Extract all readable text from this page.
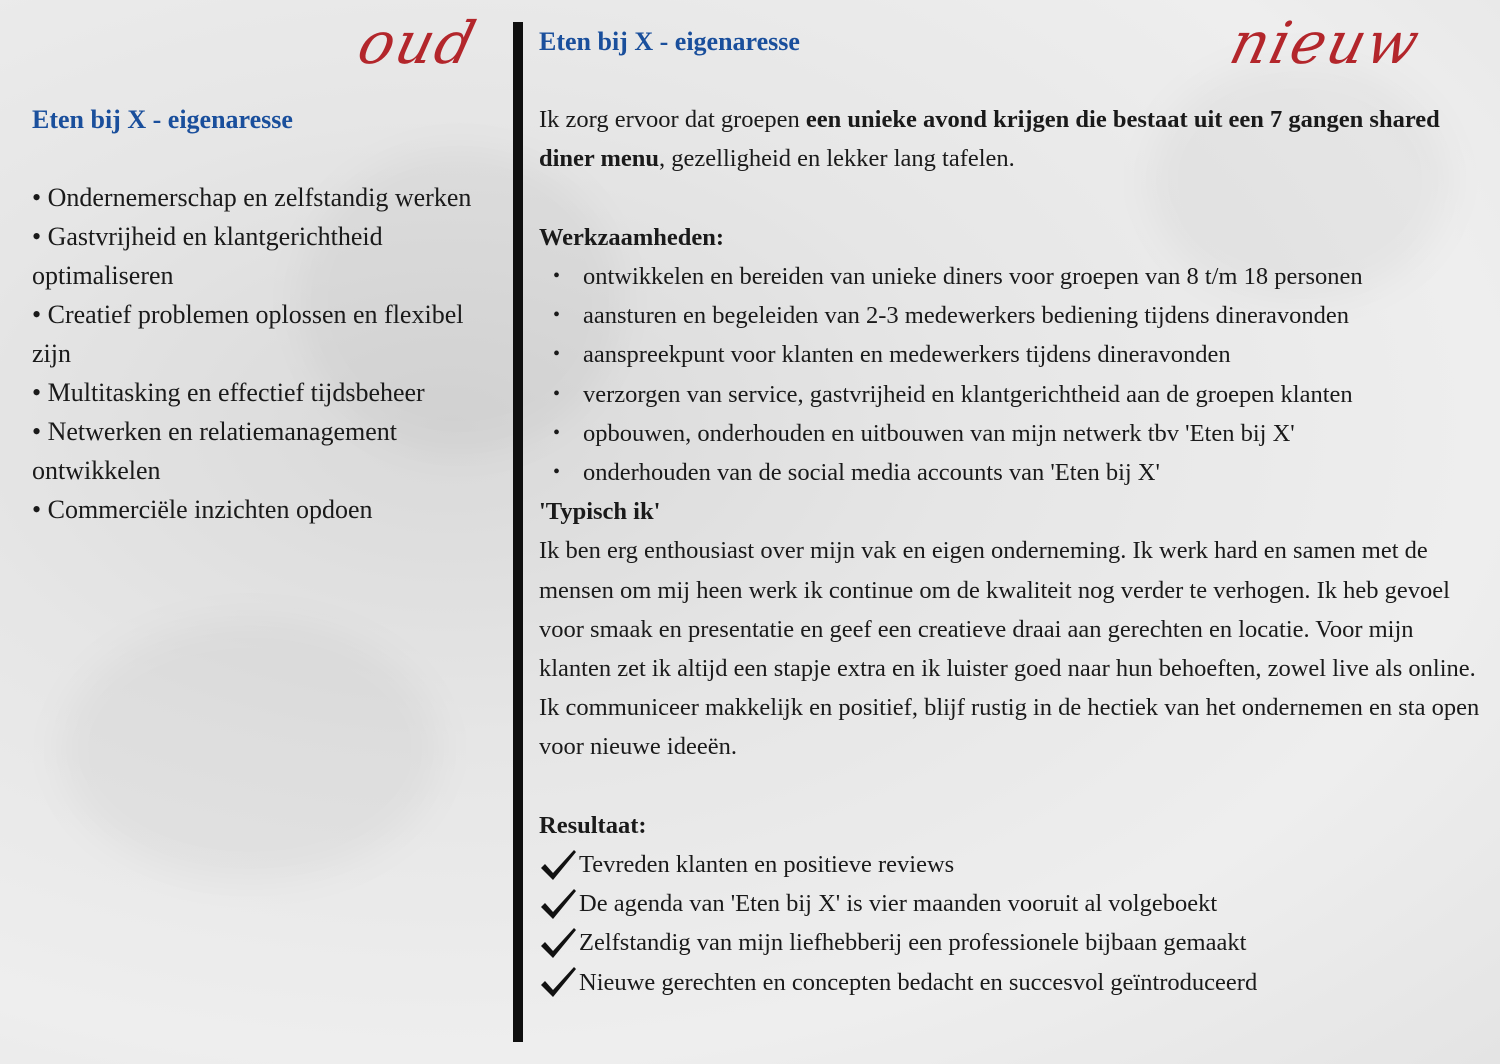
oud	nieuw
Eten bij X - eigenaresse
• Ondernemerschap en zelfstandig werken
• Gastvrijheid en klantgerichtheid optimaliseren
• Creatief problemen oplossen en flexibel zijn
• Multitasking en effectief tijdsbeheer
• Netwerken en relatiemanagement ontwikkelen
• Commerciële inzichten opdoen
Eten bij X - eigenaresse

Ik zorg ervoor dat groepen een unieke avond krijgen die bestaat uit een 7 gangen shared diner menu, gezelligheid en lekker lang tafelen.

Werkzaamheden:
• ontwikkelen en bereiden van unieke diners voor groepen van 8 t/m 18 personen
• aansturen en begeleiden van 2-3 medewerkers bediening tijdens dineravonden
• aanspreekpunt voor klanten en medewerkers tijdens dineravonden
• verzorgen van service, gastvrijheid en klantgerichtheid aan de groepen klanten
• opbouwen, onderhouden en uitbouwen van mijn netwerk tbv 'Eten bij X'
• onderhouden van de social media accounts van 'Eten bij X'
'Typisch ik'

Ik ben erg enthousiast over mijn vak en eigen onderneming. Ik werk hard en samen met de mensen om mij heen werk ik continue om de kwaliteit nog verder te verhogen. Ik heb gevoel voor smaak en presentatie en geef een creatieve draai aan gerechten en locatie. Voor mijn klanten zet ik altijd een stapje extra en ik luister goed naar hun behoeften, zowel live als online. Ik communiceer makkelijk en positief, blijf rustig in de hectiek van het ondernemen en sta open voor nieuwe ideeën.

Resultaat:
Tevreden klanten en positieve reviews
De agenda van 'Eten bij X' is vier maanden vooruit al volgeboekt
Zelfstandig van mijn liefhebberij een professionele bijbaan gemaakt
Nieuwe gerechten en concepten bedacht en succesvol geïntroduceerd
